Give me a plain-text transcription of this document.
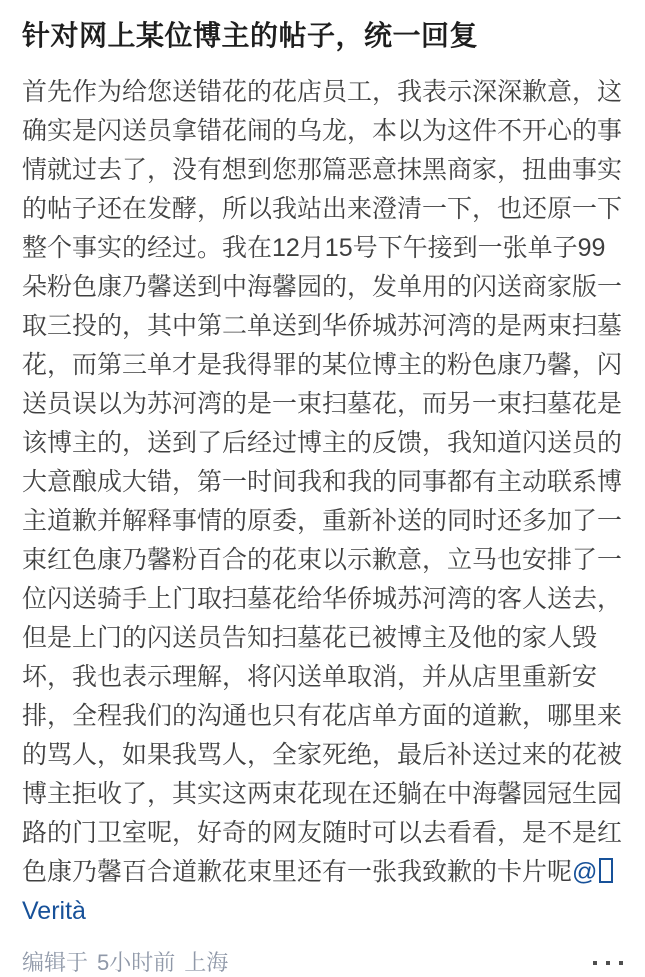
针对网上某位博主的帖子，统一回复

首先作为给您送错花的花店员工，我表示深深歉意，这确实是闪送员拿错花闹的乌龙，本以为这件不开心的事情就过去了，没有想到您那篇恶意抹黑商家，扭曲事实的帖子还在发酵，所以我站出来澄清一下，也还原一下整个事实的经过。我在12月15号下午接到一张单子99朵粉色康乃馨送到中海馨园的，发单用的闪送商家版一取三投的，其中第二单送到华侨城苏河湾的是两束扫墓花，而第三单才是我得罪的某位博主的粉色康乃馨，闪送员误以为苏河湾的是一束扫墓花，而另一束扫墓花是该博主的，送到了后经过博主的反馈，我知道闪送员的大意酿成大错，第一时间我和我的同事都有主动联系博主道歉并解释事情的原委，重新补送的同时还多加了一束红色康乃馨粉百合的花束以示歉意，立马也安排了一位闪送骑手上门取扫墓花给华侨城苏河湾的客人送去，但是上门的闪送员告知扫墓花已被博主及他的家人毁坏，我也表示理解，将闪送单取消，并从店里重新安排，全程我们的沟通也只有花店单方面的道歉，哪里来的骂人，如果我骂人，全家死绝，最后补送过来的花被博主拒收了，其实这两束花现在还躺在中海馨园冠生园路的门卫室呢，好奇的网友随时可以去看看，是不是红色康乃馨百合道歉花束里还有一张我致歉的卡片呢@Verità

编辑于 5小时前 上海
